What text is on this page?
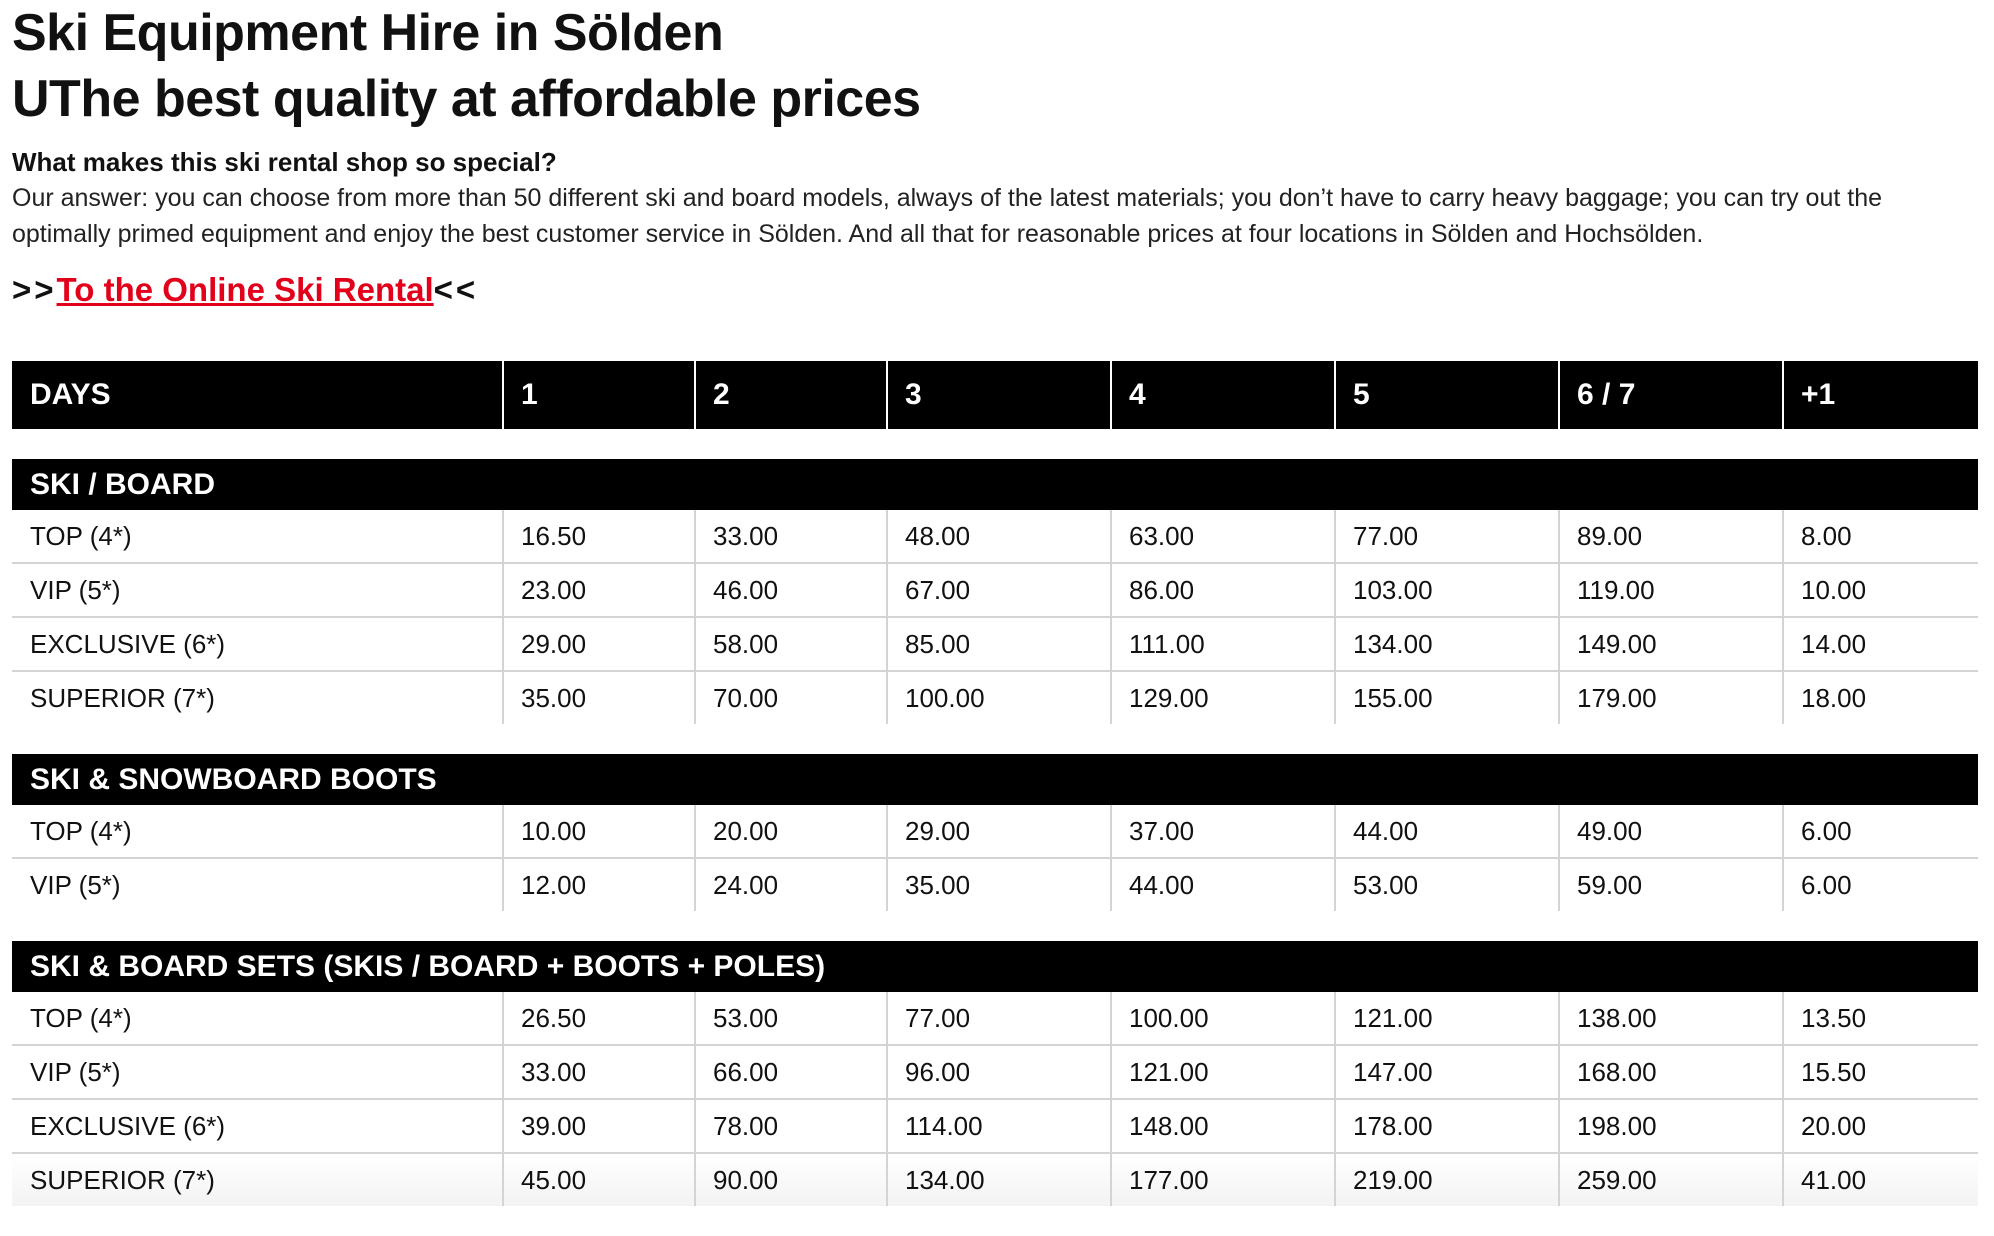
Ski Equipment Hire in Sölden
UThe best quality at affordable prices
What makes this ski rental shop so special?
Our answer: you can choose from more than 50 different ski and board models, always of the latest materials; you don’t have to carry heavy baggage; you can try out the optimally primed equipment and enjoy the best customer service in Sölden. And all that for reasonable prices at four locations in Sölden and Hochsölden.
>>To the Online Ski Rental<<
DAYS	1	2	3	4	5	6 / 7	+1

SKI / BOARD							
TOP (4*)	16.50	33.00	48.00	63.00	77.00	89.00	8.00
VIP (5*)	23.00	46.00	67.00	86.00	103.00	119.00	10.00
EXCLUSIVE (6*)	29.00	58.00	85.00	111.00	134.00	149.00	14.00
SUPERIOR (7*)	35.00	70.00	100.00	129.00	155.00	179.00	18.00

SKI & SNOWBOARD BOOTS							
TOP (4*)	10.00	20.00	29.00	37.00	44.00	49.00	6.00
VIP (5*)	12.00	24.00	35.00	44.00	53.00	59.00	6.00

SKI & BOARD SETS (SKIS / BOARD + BOOTS + POLES)							
TOP (4*)	26.50	53.00	77.00	100.00	121.00	138.00	13.50
VIP (5*)	33.00	66.00	96.00	121.00	147.00	168.00	15.50
EXCLUSIVE (6*)	39.00	78.00	114.00	148.00	178.00	198.00	20.00
SUPERIOR (7*)	45.00	90.00	134.00	177.00	219.00	259.00	41.00
